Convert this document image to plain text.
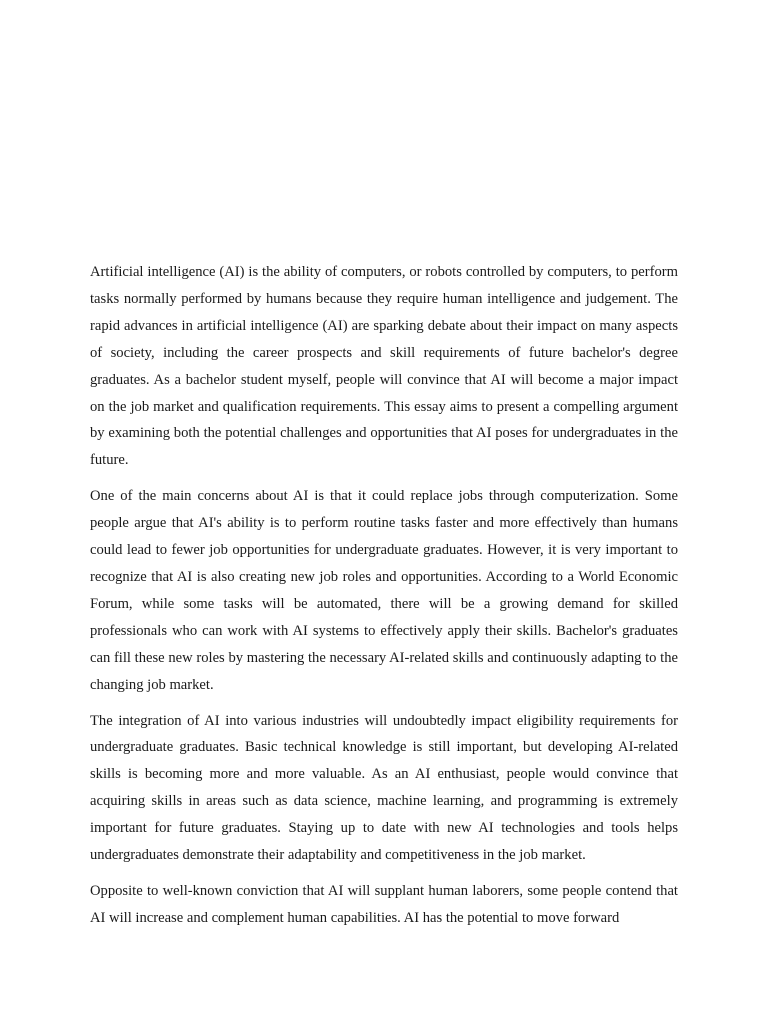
Artificial intelligence (AI) is the ability of computers, or robots controlled by computers, to perform tasks normally performed by humans because they require human intelligence and judgement. The rapid advances in artificial intelligence (AI) are sparking debate about their impact on many aspects of society, including the career prospects and skill requirements of future bachelor's degree graduates. As a bachelor student myself, people will convince that AI will become a major impact on the job market and qualification requirements. This essay aims to present a compelling argument by examining both the potential challenges and opportunities that AI poses for undergraduates in the future.

One of the main concerns about AI is that it could replace jobs through computerization. Some people argue that AI's ability is to perform routine tasks faster and more effectively than humans could lead to fewer job opportunities for undergraduate graduates. However, it is very important to recognize that AI is also creating new job roles and opportunities. According to a World Economic Forum, while some tasks will be automated, there will be a growing demand for skilled professionals who can work with AI systems to effectively apply their skills. Bachelor's graduates can fill these new roles by mastering the necessary AI-related skills and continuously adapting to the changing job market.

The integration of AI into various industries will undoubtedly impact eligibility requirements for undergraduate graduates. Basic technical knowledge is still important, but developing AI-related skills is becoming more and more valuable. As an AI enthusiast, people would convince that acquiring skills in areas such as data science, machine learning, and programming is extremely important for future graduates. Staying up to date with new AI technologies and tools helps undergraduates demonstrate their adaptability and competitiveness in the job market.

Opposite to well-known conviction that AI will supplant human laborers, some people contend that AI will increase and complement human capabilities. AI has the potential to move forward
